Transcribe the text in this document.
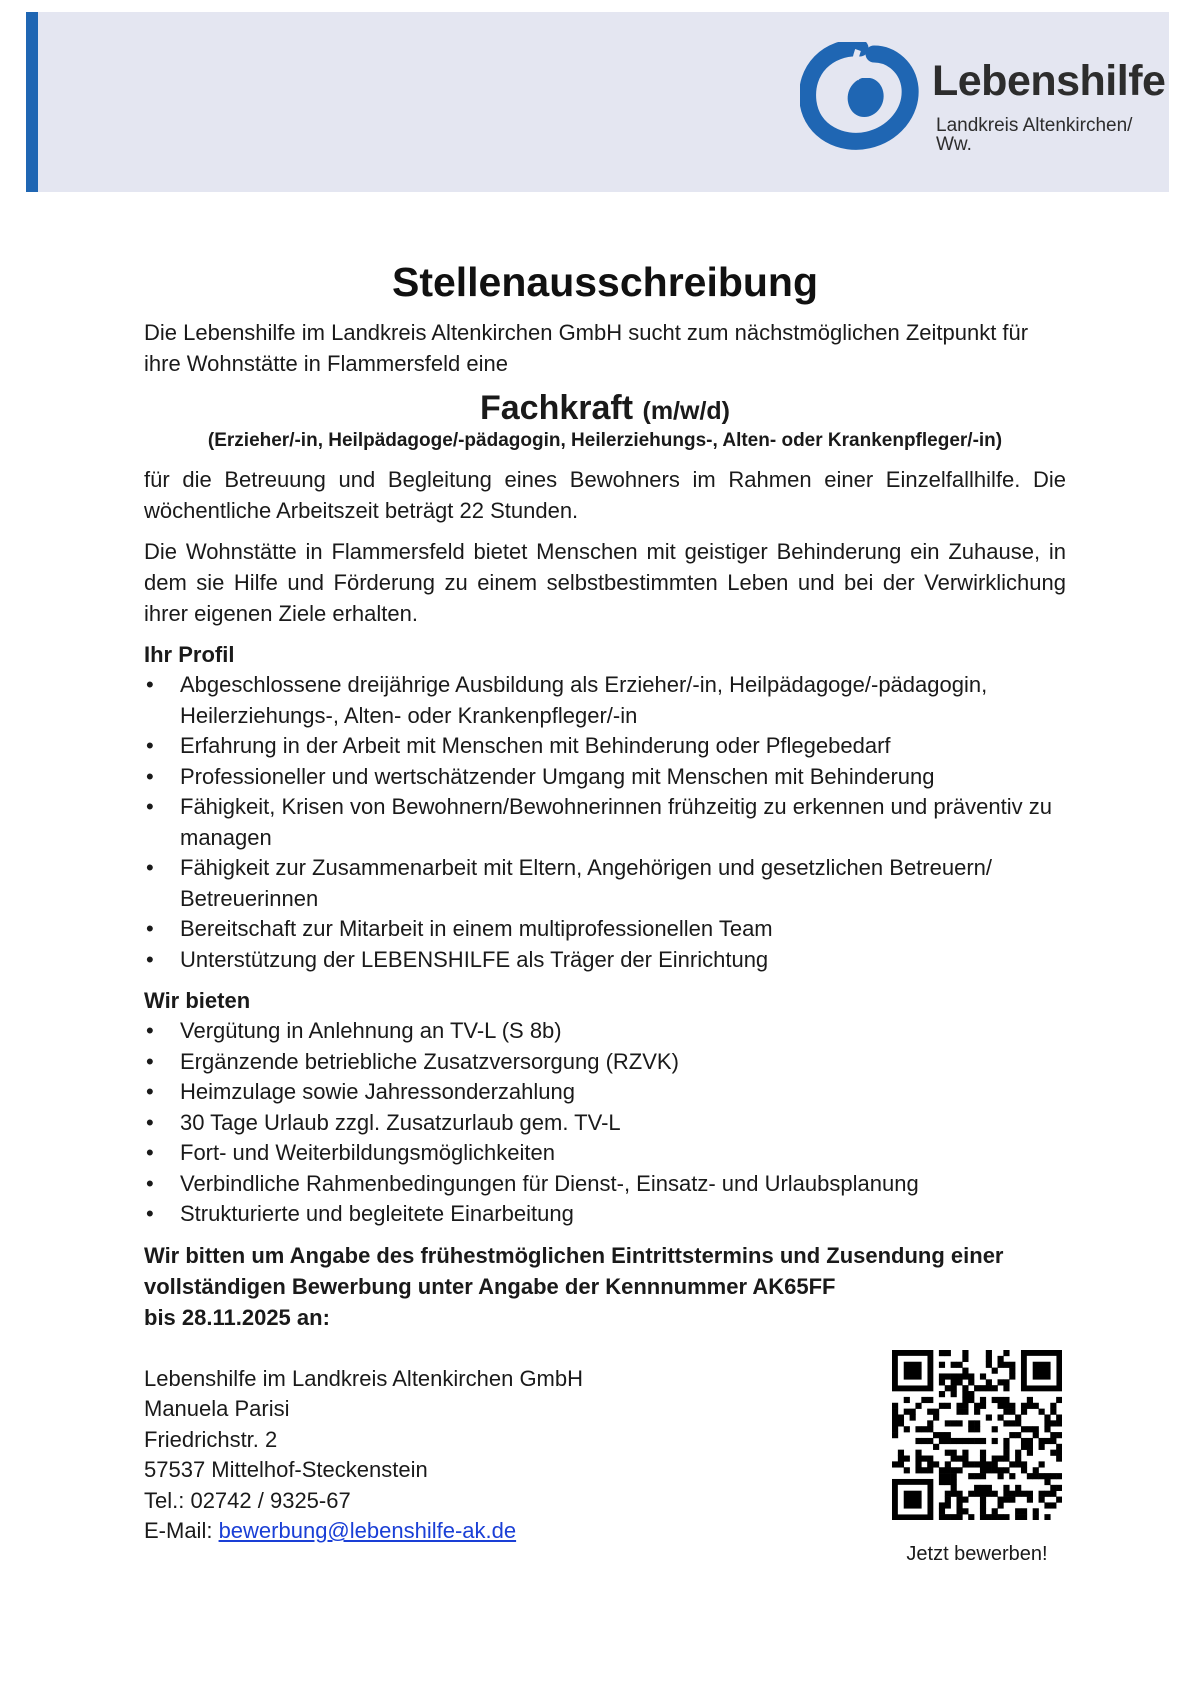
Lebenshilfe
Landkreis Altenkirchen/ Ww.
Stellenausschreibung

Die Lebenshilfe im Landkreis Altenkirchen GmbH sucht zum nächstmöglichen Zeitpunkt für ihre Wohnstätte in Flammersfeld eine

Fachkraft (m/w/d)
(Erzieher/-in, Heilpädagoge/-pädagogin, Heilerziehungs-, Alten- oder Krankenpfleger/-in)

für die Betreuung und Begleitung eines Bewohners im Rahmen einer Einzelfallhilfe. Die wöchentliche Arbeitszeit beträgt 22 Stunden.

Die Wohnstätte in Flammersfeld bietet Menschen mit geistiger Behinderung ein Zuhause, in dem sie Hilfe und Förderung zu einem selbstbestimmten Leben und bei der Verwirklichung ihrer eigenen Ziele erhalten.

Ihr Profil
•	Abgeschlossene dreijährige Ausbildung als Erzieher/-in, Heilpädagoge/-pädagogin, Heilerziehungs-, Alten- oder Krankenpfleger/-in
•	Erfahrung in der Arbeit mit Menschen mit Behinderung oder Pflegebedarf
•	Professioneller und wertschätzender Umgang mit Menschen mit Behinderung
•	Fähigkeit, Krisen von Bewohnern/Bewohnerinnen frühzeitig zu erkennen und präventiv zu managen
•	Fähigkeit zur Zusammenarbeit mit Eltern, Angehörigen und gesetzlichen Betreuern/ Betreuerinnen
•	Bereitschaft zur Mitarbeit in einem multiprofessionellen Team
•	Unterstützung der LEBENSHILFE als Träger der Einrichtung
Wir bieten
•	Vergütung in Anlehnung an TV-L (S 8b)
•	Ergänzende betriebliche Zusatzversorgung (RZVK)
•	Heimzulage sowie Jahressonderzahlung
•	30 Tage Urlaub zzgl. Zusatzurlaub gem. TV-L
•	Fort- und Weiterbildungsmöglichkeiten
•	Verbindliche Rahmenbedingungen für Dienst-, Einsatz- und Urlaubsplanung
•	Strukturierte und begleitete Einarbeitung

Wir bitten um Angabe des frühestmöglichen Eintrittstermins und Zusendung einer vollständigen Bewerbung unter Angabe der Kennnummer AK65FF

bis 28.11.2025 an:

Lebenshilfe im Landkreis Altenkirchen GmbH
Manuela Parisi
Friedrichstr. 2
57537 Mittelhof-Steckenstein
Tel.: 02742 / 9325-67
E-Mail: bewerbung@lebenshilfe-ak.de
Jetzt bewerben!
